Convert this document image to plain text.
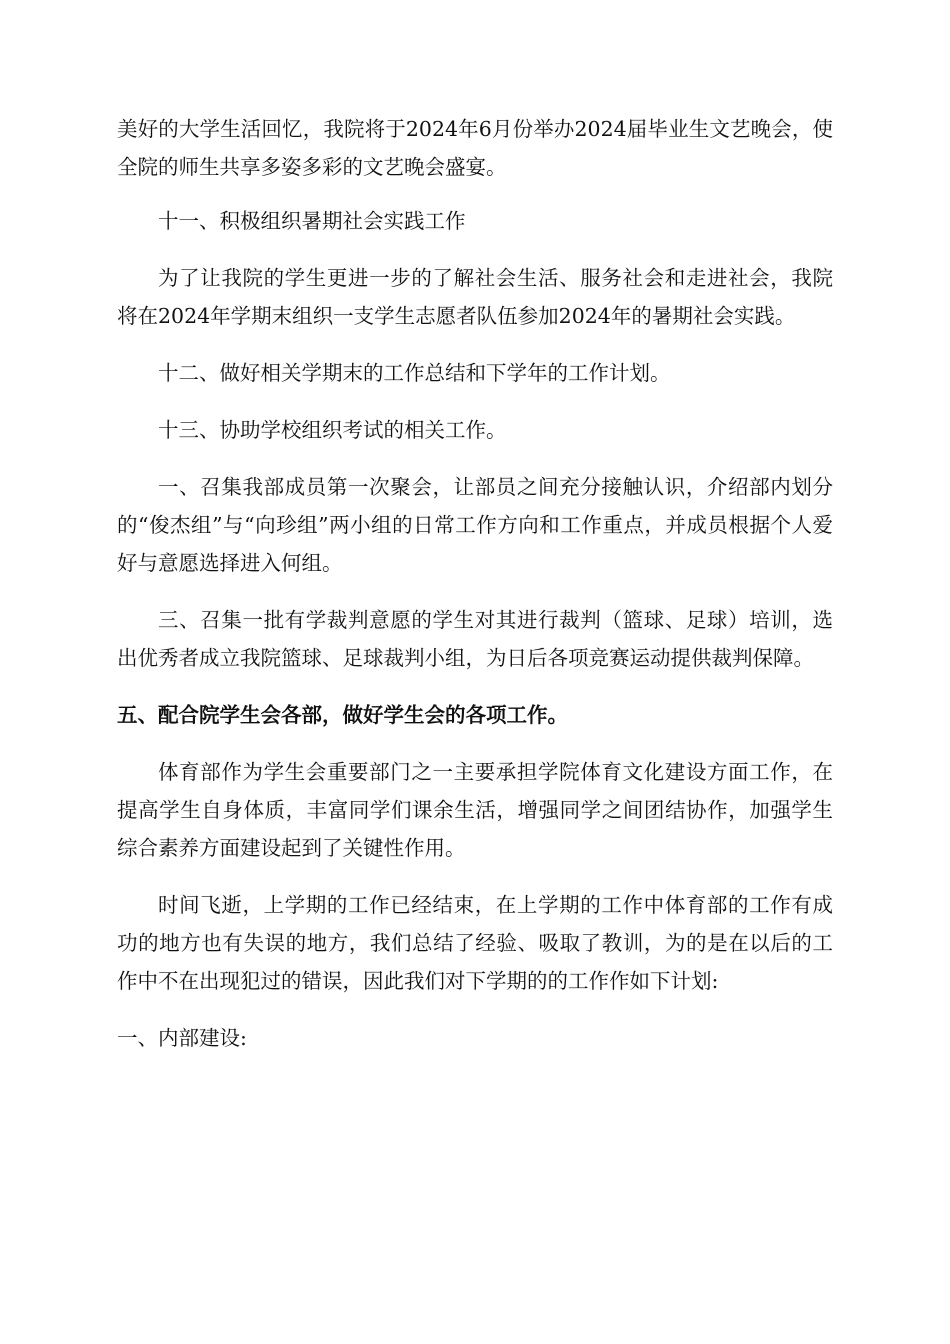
美好的大学生活回忆，我院将于2024年6月份举办2024届毕业生文艺晚会，使全院的师生共享多姿多彩的文艺晚会盛宴。

十一、积极组织暑期社会实践工作

为了让我院的学生更进一步的了解社会生活、服务社会和走进社会，我院将在2024年学期末组织一支学生志愿者队伍参加2024年的暑期社会实践。

十二、做好相关学期末的工作总结和下学年的工作计划。

十三、协助学校组织考试的相关工作。

一、召集我部成员第一次聚会，让部员之间充分接触认识，介绍部内划分的“俊杰组”与“向珍组”两小组的日常工作方向和工作重点，并成员根据个人爱好与意愿选择进入何组。

三、召集一批有学裁判意愿的学生对其进行裁判（篮球、足球）培训，选出优秀者成立我院篮球、足球裁判小组，为日后各项竞赛运动提供裁判保障。

五、配合院学生会各部，做好学生会的各项工作。

体育部作为学生会重要部门之一主要承担学院体育文化建设方面工作，在提高学生自身体质，丰富同学们课余生活，增强同学之间团结协作，加强学生综合素养方面建设起到了关键性作用。

时间飞逝，上学期的工作已经结束，在上学期的工作中体育部的工作有成功的地方也有失误的地方，我们总结了经验、吸取了教训，为的是在以后的工作中不在出现犯过的错误，因此我们对下学期的的工作作如下计划:

一、内部建设:
